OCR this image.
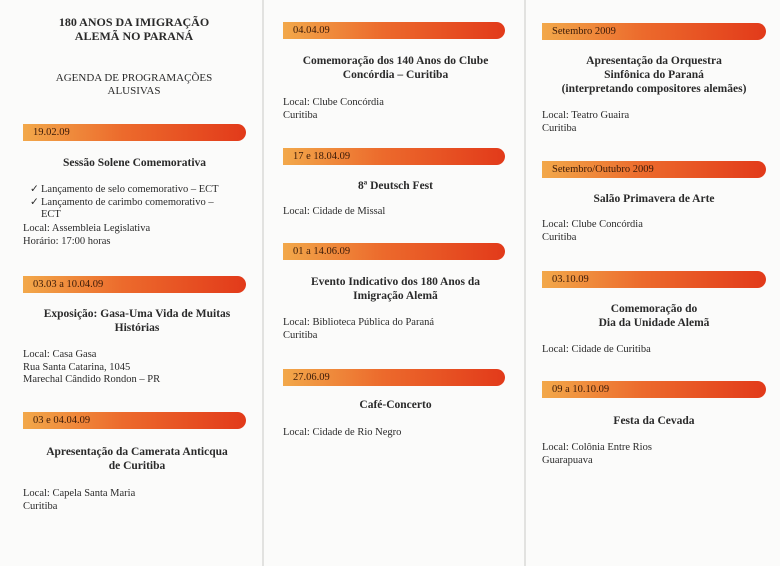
180 ANOS DA IMIGRAÇÃO
ALEMÃ NO PARANÁ
AGENDA DE PROGRAMAÇÕES
ALUSIVAS
19.02.09
Sessão Solene Comemorativa
✓ Lançamento de selo comemorativo – ECT
✓ Lançamento de carimbo comemorativo –
ECT
Local: Assembleia Legislativa
Horário: 17:00 horas
03.03 a 10.04.09
Exposição: Gasa-Uma Vida de Muitas
Histórias
Local: Casa Gasa
Rua Santa Catarina, 1045
Marechal Cândido Rondon – PR
03 e 04.04.09
Apresentação da Camerata Anticqua
de Curitiba
Local: Capela Santa Maria
Curitiba
04.04.09
Comemoração dos 140 Anos do Clube
Concórdia – Curitiba
Local: Clube Concórdia
Curitiba
17 e 18.04.09
8ª Deutsch Fest
Local: Cidade de Missal
01 a 14.06.09
Evento Indicativo dos 180 Anos da
Imigração Alemã
Local: Biblioteca Pública do Paraná
Curitiba
27.06.09
Café-Concerto
Local: Cidade de Rio Negro
Setembro 2009
Apresentação da Orquestra
Sinfônica do Paraná
(interpretando compositores alemães)
Local: Teatro Guaira
Curitiba
Setembro/Outubro 2009
Salão Primavera de Arte
Local: Clube Concórdia
Curitiba
03.10.09
Comemoração do
Dia da Unidade Alemã
Local: Cidade de Curitiba
09 a 10.10.09
Festa da Cevada
Local: Colônia Entre Rios
Guarapuava
